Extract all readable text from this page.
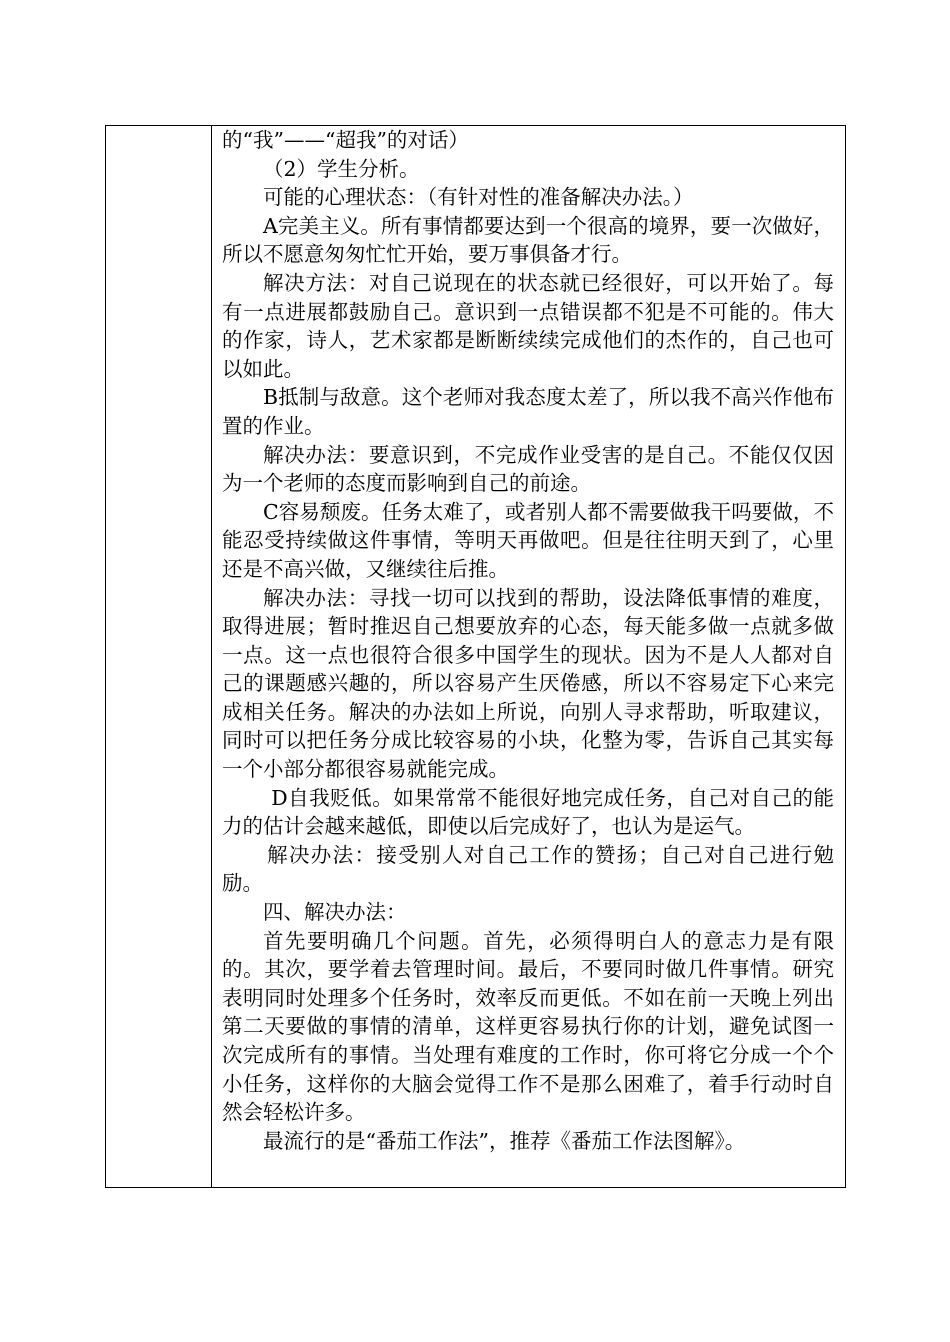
的“我”——“超我”的对话）

（2）学生分析。

可能的心理状态：（有针对性的准备解决办法。）

A完美主义。所有事情都要达到一个很高的境界，要一次做好，所以不愿意匆匆忙忙开始，要万事俱备才行。

解决方法：对自己说现在的状态就已经很好，可以开始了。每有一点进展都鼓励自己。意识到一点错误都不犯是不可能的。伟大的作家，诗人，艺术家都是断断续续完成他们的杰作的，自己也可以如此。

B抵制与敌意。这个老师对我态度太差了，所以我不高兴作他布置的作业。

解决办法：要意识到，不完成作业受害的是自己。不能仅仅因为一个老师的态度而影响到自己的前途。

C容易颓废。任务太难了，或者别人都不需要做我干吗要做，不能忍受持续做这件事情，等明天再做吧。但是往往明天到了，心里还是不高兴做，又继续往后推。

解决办法：寻找一切可以找到的帮助，设法降低事情的难度，取得进展；暂时推迟自己想要放弃的心态，每天能多做一点就多做一点。这一点也很符合很多中国学生的现状。因为不是人人都对自己的课题感兴趣的，所以容易产生厌倦感，所以不容易定下心来完成相关任务。解决的办法如上所说，向别人寻求帮助，听取建议，同时可以把任务分成比较容易的小块，化整为零，告诉自己其实每一个小部分都很容易就能完成。

D自我贬低。如果常常不能很好地完成任务，自己对自己的能力的估计会越来越低，即使以后完成好了，也认为是运气。

解决办法：接受别人对自己工作的赞扬；自己对自己进行勉励。

四、解决办法：

首先要明确几个问题。首先，必须得明白人的意志力是有限的。其次，要学着去管理时间。最后，不要同时做几件事情。研究表明同时处理多个任务时，效率反而更低。不如在前一天晚上列出第二天要做的事情的清单，这样更容易执行你的计划，避免试图一次完成所有的事情。当处理有难度的工作时，你可将它分成一个个小任务，这样你的大脑会觉得工作不是那么困难了，着手行动时自然会轻松许多。

最流行的是“番茄工作法”，推荐《番茄工作法图解》。
